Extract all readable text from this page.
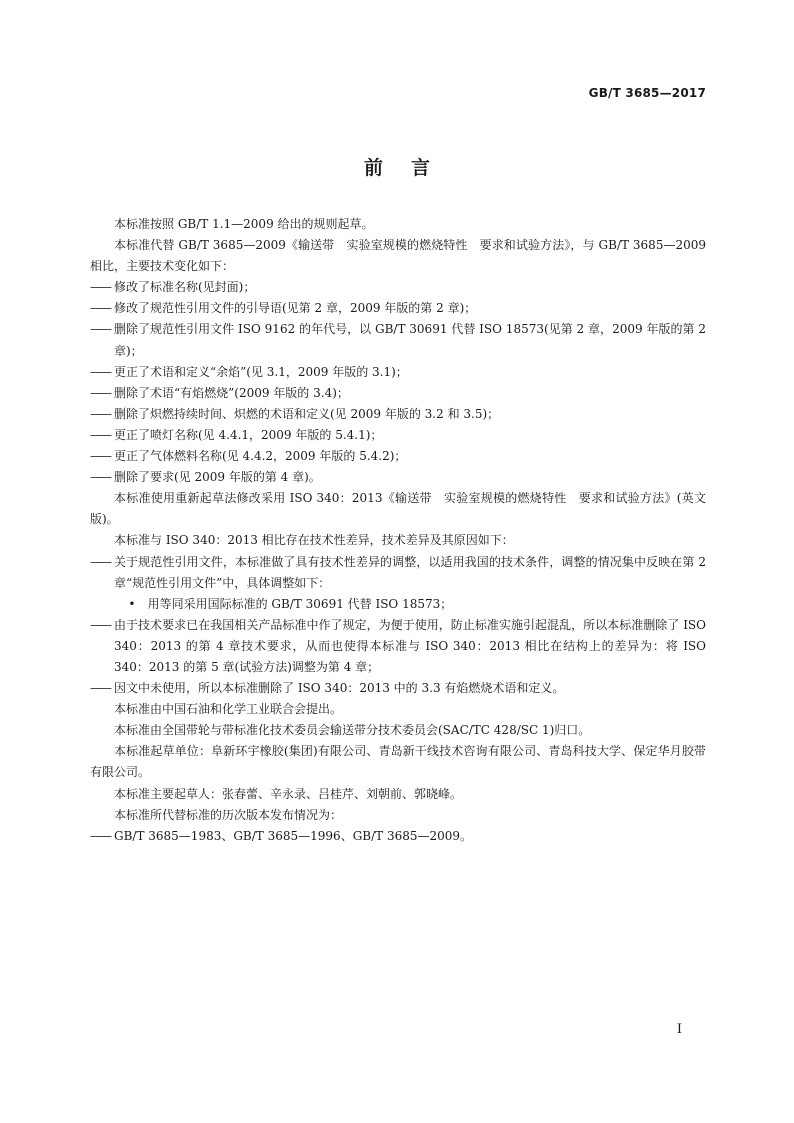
GB/T 3685—2017
前言

本标准按照 GB/T 1.1—2009 给出的规则起草。

本标准代替 GB/T 3685—2009《输送带　实验室规模的燃烧特性　要求和试验方法》，与 GB/T 3685—2009 相比，主要技术变化如下：

—— 修改了标准名称(见封面)；
—— 修改了规范性引用文件的引导语(见第 2 章，2009 年版的第 2 章)；
—— 删除了规范性引用文件 ISO 9162 的年代号，以 GB/T 30691 代替 ISO 18573(见第 2 章，2009 年版的第 2 章)；
—— 更正了术语和定义“余焰”(见 3.1，2009 年版的 3.1)；
—— 删除了术语“有焰燃烧”(2009 年版的 3.4)；
—— 删除了炽燃持续时间、炽燃的术语和定义(见 2009 年版的 3.2 和 3.5)；
—— 更正了喷灯名称(见 4.4.1，2009 年版的 5.4.1)；
—— 更正了气体燃料名称(见 4.4.2，2009 年版的 5.4.2)；
—— 删除了要求(见 2009 年版的第 4 章)。

本标准使用重新起草法修改采用 ISO 340：2013《输送带　实验室规模的燃烧特性　要求和试验方法》(英文版)。

本标准与 ISO 340：2013 相比存在技术性差异，技术差异及其原因如下：

—— 关于规范性引用文件，本标准做了具有技术性差异的调整，以适用我国的技术条件，调整的情况集中反映在第 2 章“规范性引用文件”中，具体调整如下：
•	用等同采用国际标准的 GB/T 30691 代替 ISO 18573；
—— 由于技术要求已在我国相关产品标准中作了规定，为便于使用，防止标准实施引起混乱，所以本标准删除了 ISO 340：2013 的第 4 章技术要求，从而也使得本标准与 ISO 340：2013 相比在结构上的差异为：将 ISO 340：2013 的第 5 章(试验方法)调整为第 4 章；
—— 因文中未使用，所以本标准删除了 ISO 340：2013 中的 3.3 有焰燃烧术语和定义。

本标准由中国石油和化学工业联合会提出。

本标准由全国带轮与带标准化技术委员会输送带分技术委员会(SAC/TC 428/SC 1)归口。

本标准起草单位：阜新环宇橡胶(集团)有限公司、青岛新干线技术咨询有限公司、青岛科技大学、保定华月胶带有限公司。

本标准主要起草人：张春蕾、辛永录、吕桂芹、刘朝前、郭晓峰。

本标准所代替标准的历次版本发布情况为：

—— GB/T 3685—1983、GB/T 3685—1996、GB/T 3685—2009。
I
